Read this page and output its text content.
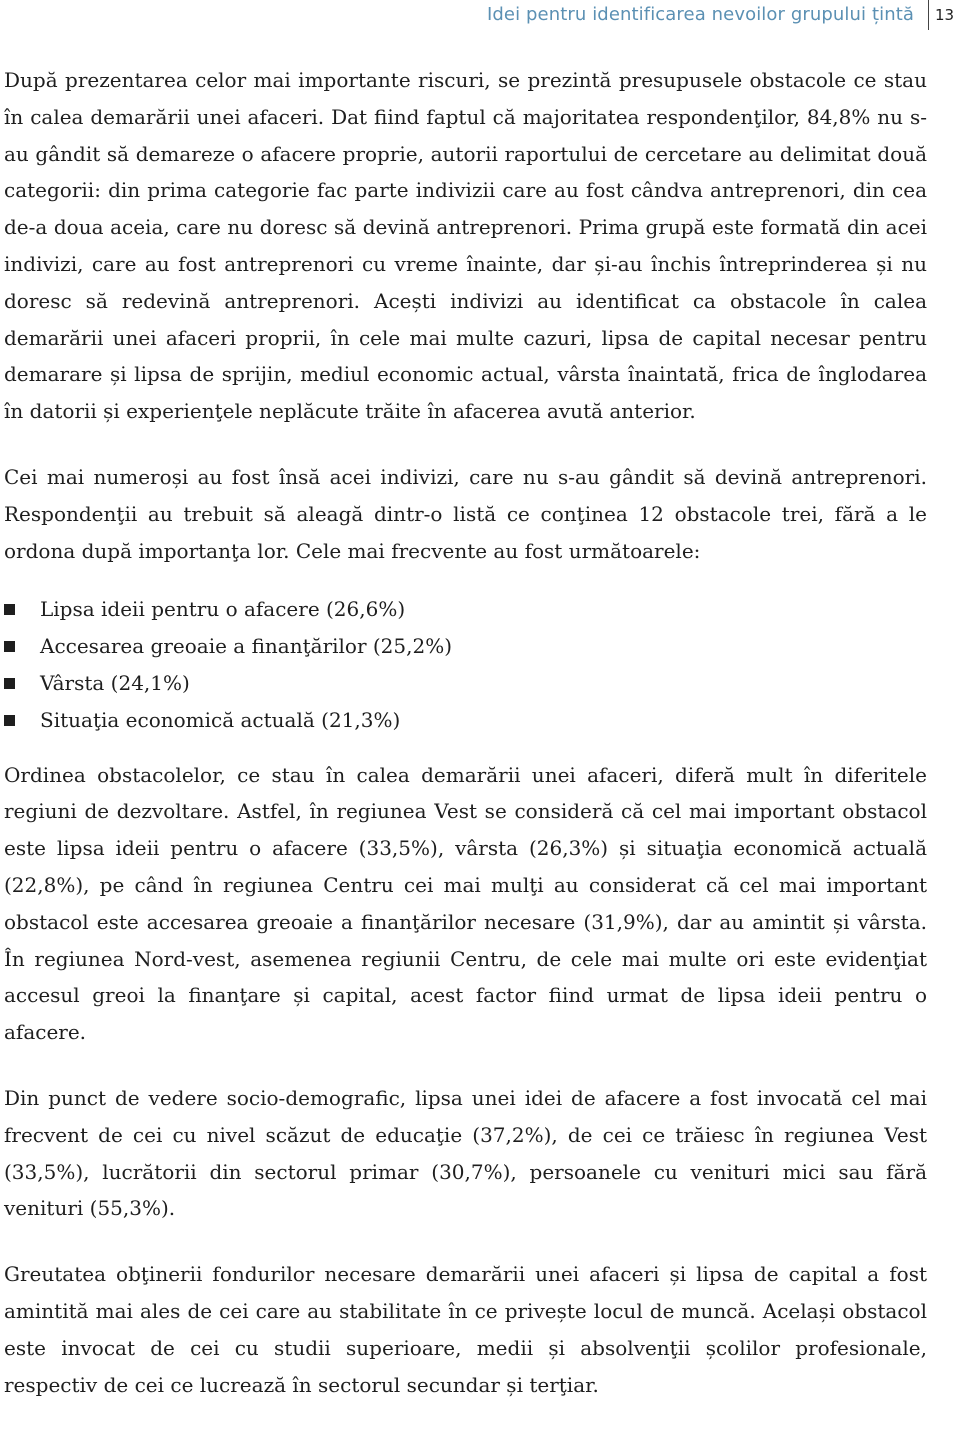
Idei pentru identificarea nevoilor grupului țintă 13

După prezentarea celor mai importante riscuri, se prezintă presupusele obstacole ce stau în calea demarării unei afaceri. Dat fiind faptul că majoritatea respondenţilor, 84,8% nu s-au gândit să demareze o afacere proprie, autorii raportului de cercetare au delimitat două categorii: din prima categorie fac parte indivizii care au fost cândva antreprenori, din cea de-a doua aceia, care nu doresc să devină antreprenori. Prima grupă este formată din acei indivizi, care au fost antreprenori cu vreme înainte, dar și-au închis întreprinderea și nu doresc să redevină antreprenori. Acești indivizi au identificat ca obstacole în calea demarării unei afaceri proprii, în cele mai multe cazuri, lipsa de capital necesar pentru demarare și lipsa de sprijin, mediul economic actual, vârsta înaintată, frica de înglodarea în datorii și experienţele neplăcute trăite în afacerea avută anterior.

Cei mai numeroși au fost însă acei indivizi, care nu s-au gândit să devină antreprenori. Respondenţii au trebuit să aleagă dintr-o listă ce conţinea 12 obstacole trei, fără a le ordona după importanţa lor. Cele mai frecvente au fost următoarele:

Lipsa ideii pentru o afacere (26,6%)
Accesarea greoaie a finanţărilor (25,2%)
Vârsta (24,1%)
Situaţia economică actuală (21,3%)

Ordinea obstacolelor, ce stau în calea demarării unei afaceri, diferă mult în diferitele regiuni de dezvoltare. Astfel, în regiunea Vest se consideră că cel mai important obstacol este lipsa ideii pentru o afacere (33,5%), vârsta (26,3%) și situaţia economică actuală (22,8%), pe când în regiunea Centru cei mai mulţi au considerat că cel mai important obstacol este accesarea greoaie a finanţărilor necesare (31,9%), dar au amintit și vârsta. În regiunea Nord-vest, asemenea regiunii Centru, de cele mai multe ori este evidenţiat accesul greoi la finanţare și capital, acest factor fiind urmat de lipsa ideii pentru o afacere.

Din punct de vedere socio-demografic, lipsa unei idei de afacere a fost invocată cel mai frecvent de cei cu nivel scăzut de educaţie (37,2%), de cei ce trăiesc în regiunea Vest (33,5%), lucrătorii din sectorul primar (30,7%), persoanele cu venituri mici sau fără venituri (55,3%).

Greutatea obţinerii fondurilor necesare demarării unei afaceri și lipsa de capital a fost amintită mai ales de cei care au stabilitate în ce privește locul de muncă. Același obstacol este invocat de cei cu studii superioare, medii și absolvenţii școlilor profesionale, respectiv de cei ce lucrează în sectorul secundar și terţiar.
